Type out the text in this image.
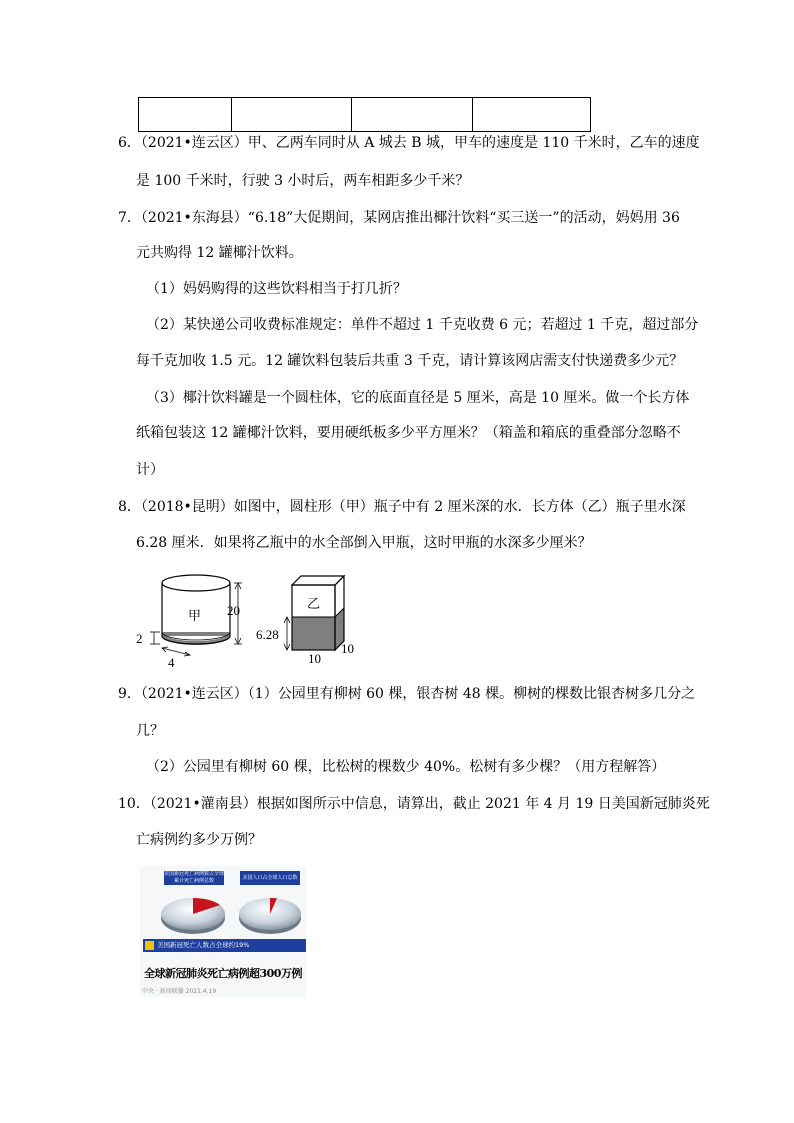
6．（2021•连云区）甲、乙两车同时从 A 城去 B 城，甲车的速度是 110 千米时，乙车的速度

是 100 千米时，行驶 3 小时后，两车相距多少千米？

7．（2021•东海县）“6.18”大促期间，某网店推出椰汁饮料“买三送一”的活动，妈妈用 36

元共购得 12 罐椰汁饮料。

（1）妈妈购得的这些饮料相当于打几折？

（2）某快递公司收费标准规定：单件不超过 1 千克收费 6 元；若超过 1 千克，超过部分

每千克加收 1.5 元。12 罐饮料包装后共重 3 千克，请计算该网店需支付快递费多少元？

（3）椰汁饮料罐是一个圆柱体，它的底面直径是 5 厘米，高是 10 厘米。做一个长方体

纸箱包装这 12 罐椰汁饮料，要用硬纸板多少平方厘米？（箱盖和箱底的重叠部分忽略不

计）

8．（2018•昆明）如图中，圆柱形（甲）瓶子中有 2 厘米深的水．长方体（乙）瓶子里水深

6.28 厘米．如果将乙瓶中的水全部倒入甲瓶，这时甲瓶的水深多少厘米？

甲 20
2
4
乙
6.28
10
10

9．（2021•连云区）（1）公园里有柳树 60 棵，银杏树 48 棵。柳树的棵数比银杏树多几分之

几？

（2）公园里有柳树 60 棵，比松树的棵数少 40%。松树有多少棵？（用方程解答）

10．（2021•灌南县）根据如图所示中信息，请算出，截止 2021 年 4 月 19 日美国新冠肺炎死

亡病例约多少万例？

美国新冠死亡病例数占全球累计死亡病例总数	美国人口占全球人口总数
美国新冠死亡人数占全球约19%
全球新冠肺炎死亡病例超300万例
中央 · 新闻联播 2021.4.19
